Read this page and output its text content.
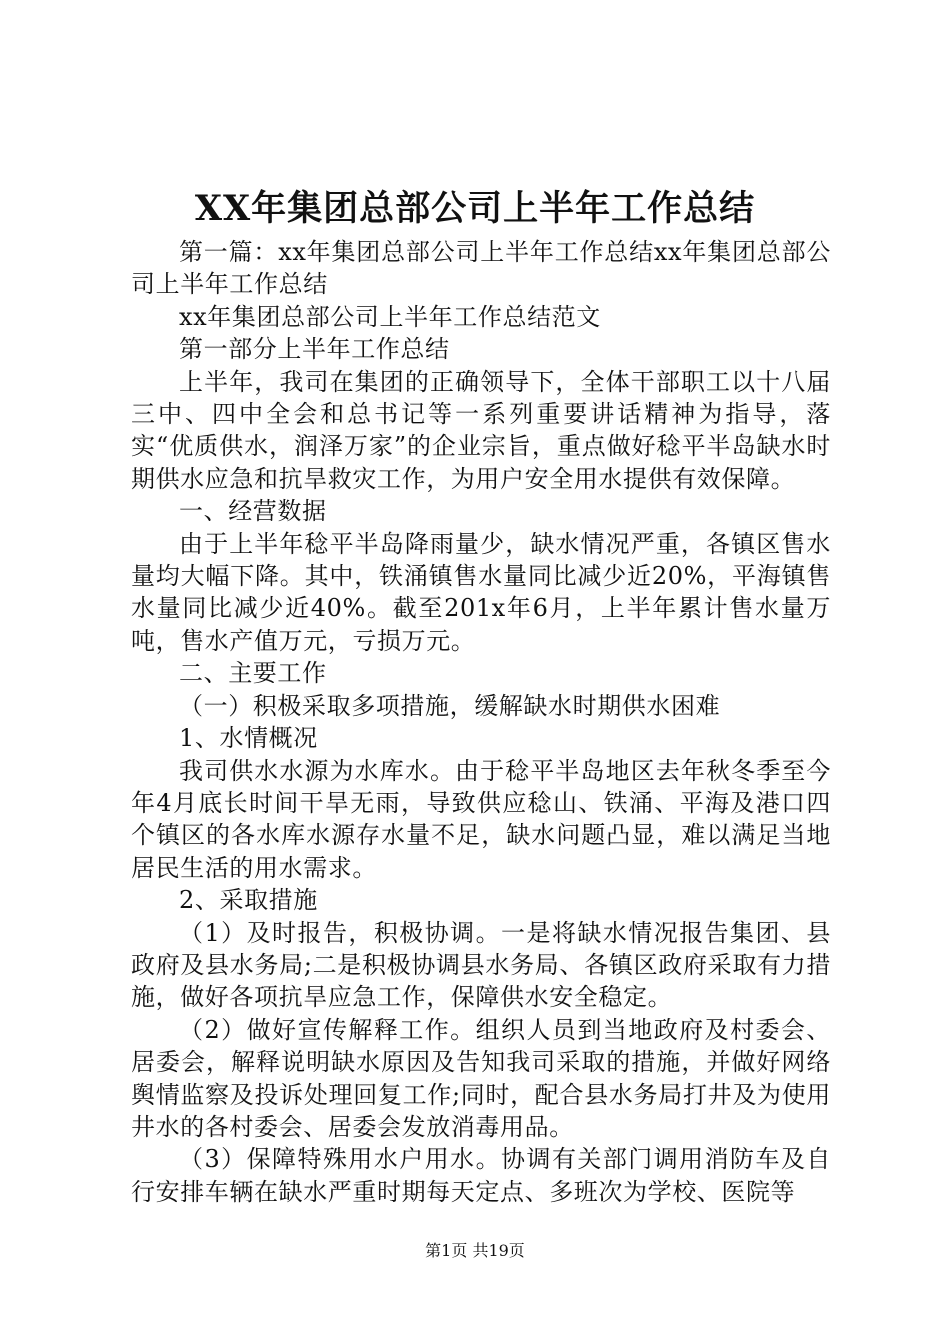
XX年集团总部公司上半年工作总结

第一篇：xx年集团总部公司上半年工作总结xx年集团总部公司上半年工作总结

xx年集团总部公司上半年工作总结范文

第一部分上半年工作总结

上半年，我司在集团的正确领导下，全体干部职工以十八届三中、四中全会和总书记等一系列重要讲话精神为指导，落实“优质供水，润泽万家”的企业宗旨，重点做好稔平半岛缺水时期供水应急和抗旱救灾工作，为用户安全用水提供有效保障。

一、经营数据

由于上半年稔平半岛降雨量少，缺水情况严重，各镇区售水量均大幅下降。其中，铁涌镇售水量同比减少近20%，平海镇售水量同比减少近40%。截至201x年6月，上半年累计售水量万吨，售水产值万元，亏损万元。

二、主要工作

（一）积极采取多项措施，缓解缺水时期供水困难

1、水情概况

我司供水水源为水库水。由于稔平半岛地区去年秋冬季至今年4月底长时间干旱无雨，导致供应稔山、铁涌、平海及港口四个镇区的各水库水源存水量不足，缺水问题凸显，难以满足当地居民生活的用水需求。

2、采取措施

（1）及时报告，积极协调。一是将缺水情况报告集团、县政府及县水务局;二是积极协调县水务局、各镇区政府采取有力措施，做好各项抗旱应急工作，保障供水安全稳定。

（2）做好宣传解释工作。组织人员到当地政府及村委会、居委会，解释说明缺水原因及告知我司采取的措施，并做好网络舆情监察及投诉处理回复工作;同时，配合县水务局打井及为使用井水的各村委会、居委会发放消毒用品。

（3）保障特殊用水户用水。协调有关部门调用消防车及自行安排车辆在缺水严重时期每天定点、多班次为学校、医院等

第1页 共19页
